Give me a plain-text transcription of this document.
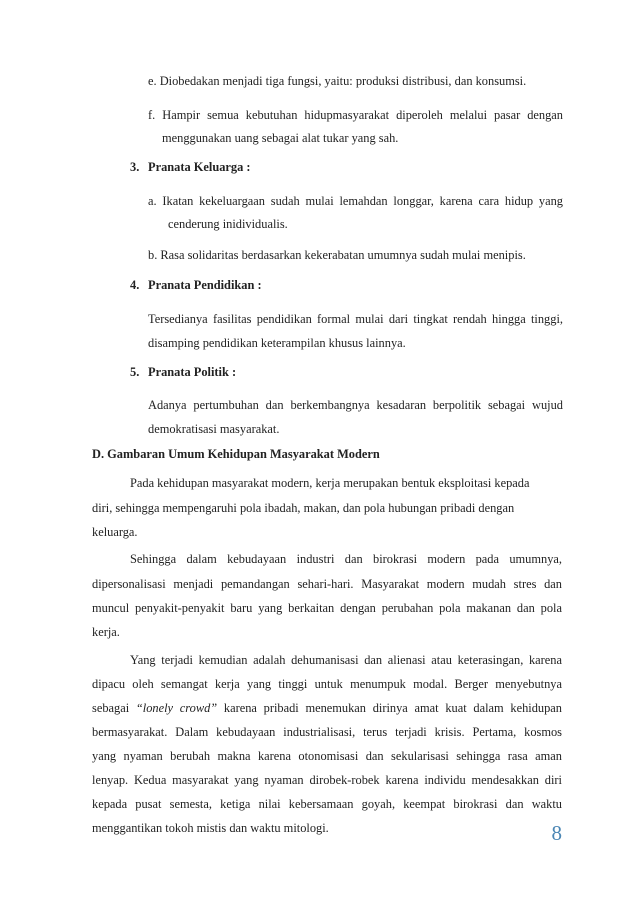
e. Diobedakan menjadi tiga fungsi, yaitu: produksi distribusi, dan konsumsi.
f. Hampir semua kebutuhan hidupmasyarakat diperoleh melalui pasar dengan
menggunakan uang sebagai alat tukar yang sah.
3. Pranata Keluarga :
a. Ikatan kekeluargaan sudah mulai lemahdan longgar, karena cara hidup yang
cenderung inidividualis.
b. Rasa solidaritas berdasarkan kekerabatan umumnya sudah mulai menipis.
4. Pranata Pendidikan :
Tersedianya fasilitas pendidikan formal mulai dari tingkat rendah hingga tinggi,
disamping pendidikan keterampilan khusus lainnya.
5. Pranata Politik :
Adanya pertumbuhan dan berkembangnya kesadaran berpolitik sebagai wujud
demokratisasi masyarakat.
D. Gambaran Umum Kehidupan Masyarakat Modern
Pada kehidupan masyarakat modern, kerja merupakan bentuk eksploitasi kepada
diri, sehingga mempengaruhi pola ibadah, makan, dan pola hubungan pribadi dengan
keluarga.
Sehingga dalam kebudayaan industri dan birokrasi modern pada umumnya,
dipersonalisasi menjadi pemandangan sehari-hari. Masyarakat modern mudah stres dan
muncul penyakit-penyakit baru yang berkaitan dengan perubahan pola makanan dan pola
kerja.
Yang terjadi kemudian adalah dehumanisasi dan alienasi atau keterasingan, karena
dipacu oleh semangat kerja yang tinggi untuk menumpuk modal. Berger menyebutnya
sebagai “lonely crowd” karena pribadi menemukan dirinya amat kuat dalam kehidupan
bermasyarakat. Dalam kebudayaan industrialisasi, terus terjadi krisis. Pertama, kosmos
yang nyaman berubah makna karena otonomisasi dan sekularisasi sehingga rasa aman
lenyap. Kedua masyarakat yang nyaman dirobek-robek karena individu mendesakkan diri
kepada pusat semesta, ketiga nilai kebersamaan goyah, keempat birokrasi dan waktu
menggantikan tokoh mistis dan waktu mitologi.	8
